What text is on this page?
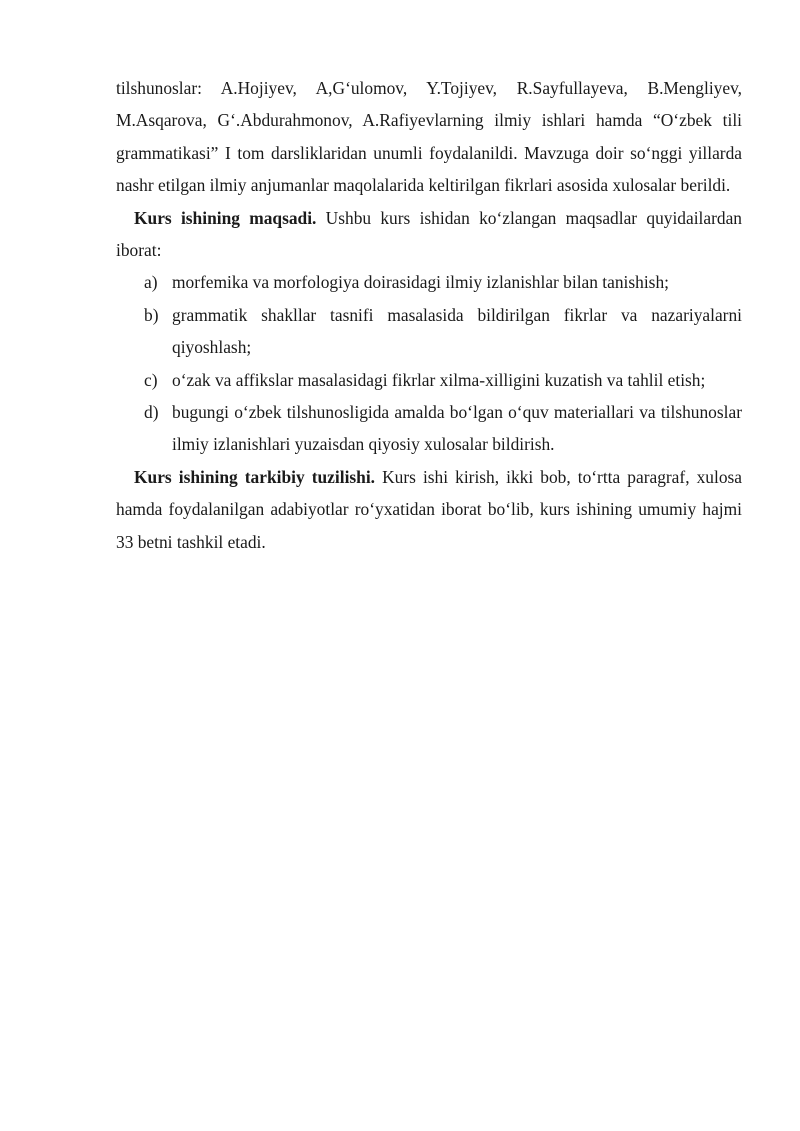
tilshunoslar: A.Hojiyev, A,G‘ulomov, Y.Tojiyev, R.Sayfullayeva, B.Mengliyev, M.Asqarova, G‘.Abdurahmonov, A.Rafiyevlarning ilmiy ishlari hamda “O‘zbek tili grammatikasi” I tom darsliklaridan unumli foydalanildi. Mavzuga doir so‘nggi yillarda nashr etilgan ilmiy anjumanlar maqolalarida keltirilgan fikrlari asosida xulosalar berildi.

Kurs ishining maqsadi. Ushbu kurs ishidan ko‘zlangan maqsadlar quyidailardan iborat:

a) morfemika va morfologiya doirasidagi ilmiy izlanishlar bilan tanishish;
b) grammatik shakllar tasnifi masalasida bildirilgan fikrlar va nazariyalarni qiyoshlash;
c) o‘zak va affikslar masalasidagi fikrlar xilma-xilligini kuzatish va tahlil etish;
d) bugungi o‘zbek tilshunosligida amalda bo‘lgan o‘quv materiallari va tilshunoslar ilmiy izlanishlari yuzaisdan qiyosiy xulosalar bildirish.

Kurs ishining tarkibiy tuzilishi. Kurs ishi kirish, ikki bob, to‘rtta paragraf, xulosa hamda foydalanilgan adabiyotlar ro‘yxatidan iborat bo‘lib, kurs ishining umumiy hajmi 33 betni tashkil etadi.
